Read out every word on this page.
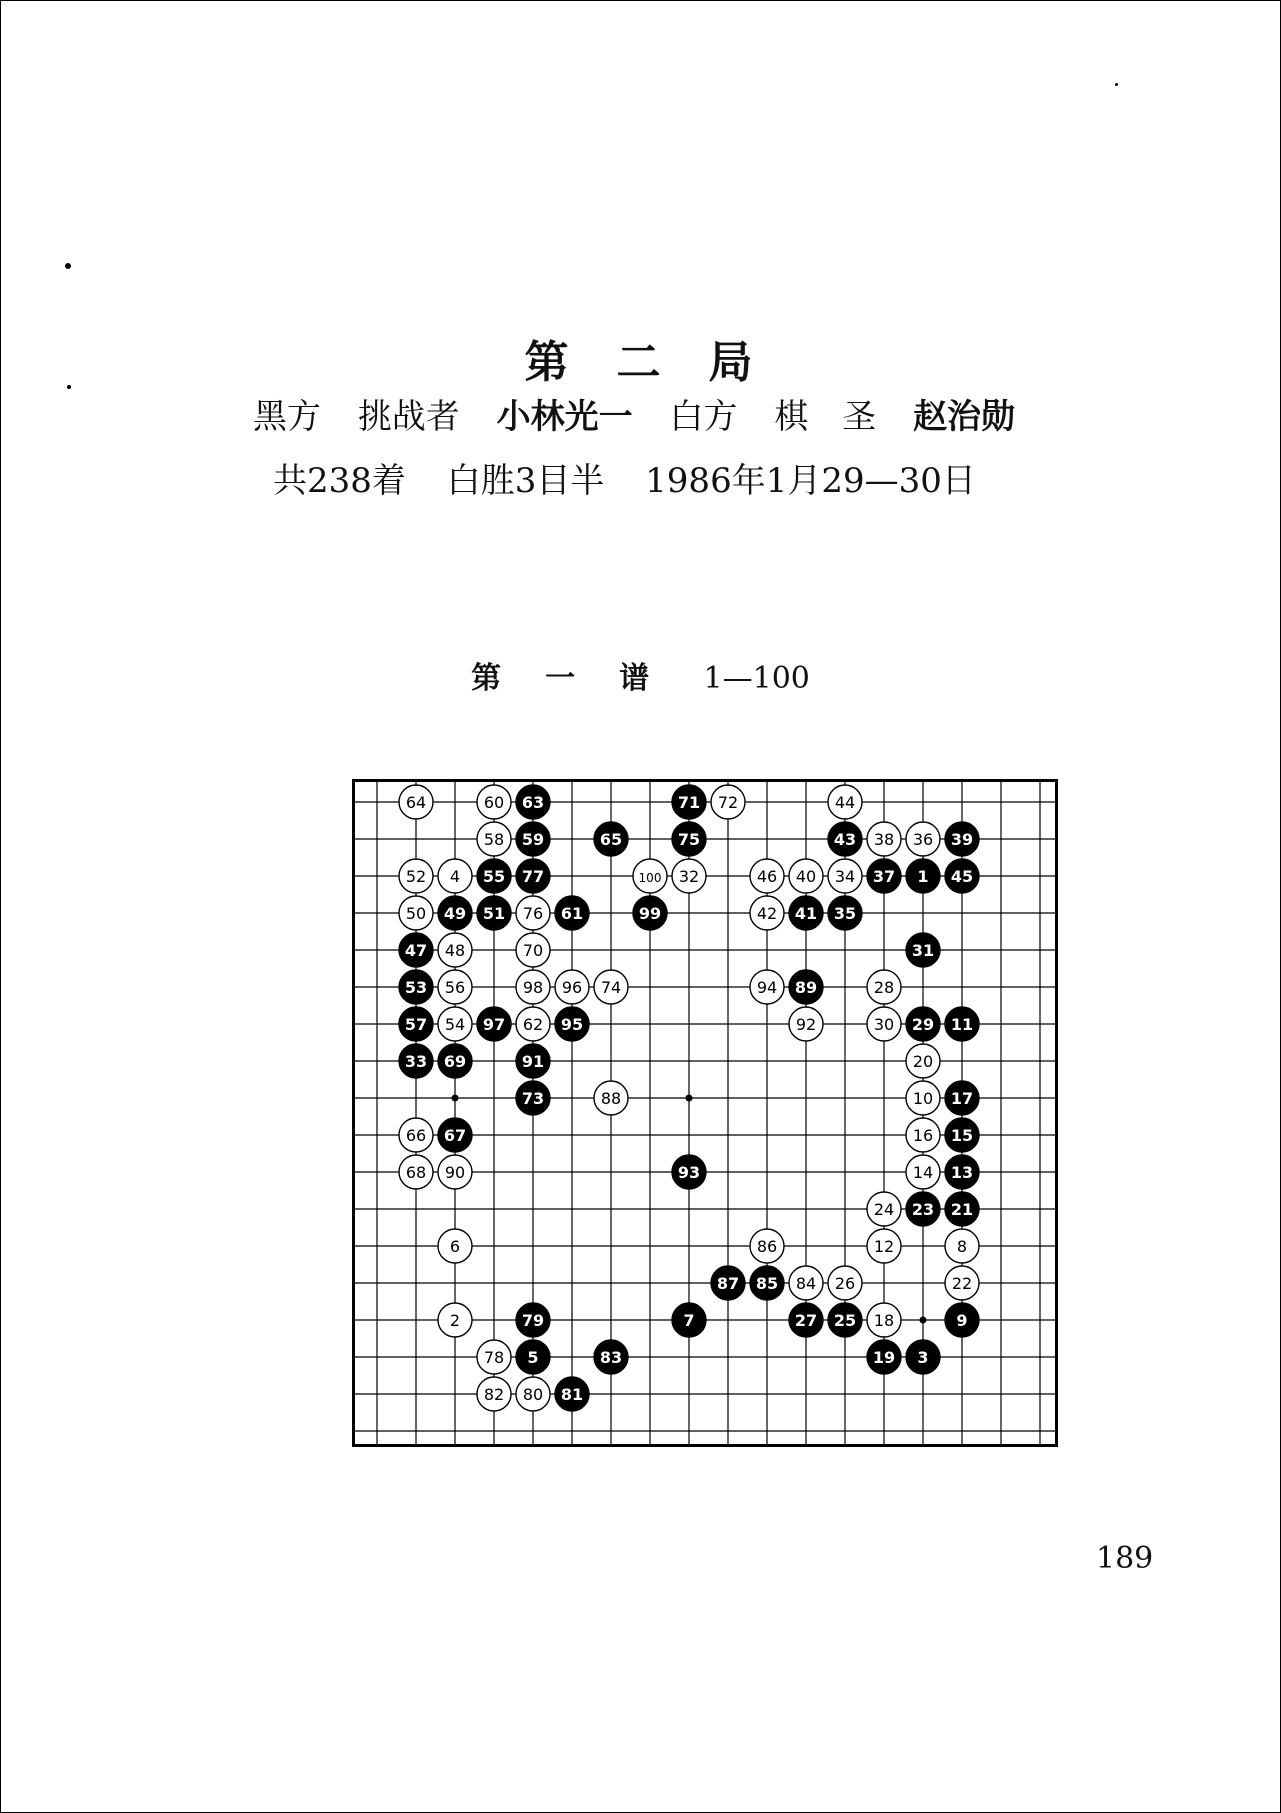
第 二 局
黑方 挑战者 小林光一 白方 棋　圣 赵治勋
共238着 白胜3目半 1986年1月29—30日
第 一 谱 1—100
64	60 63	71 72	44
58 59	65	75	43 38 36 39
52 4 55 77	100 32	46 40 34 37 1 45
50 49 51 76 61	99	42 41 35
47 48	70	31
53 56	98 96 74	94 89	28
57 54 97 62 95	92	30 29 11
33 69	91	20
73	88	10 17
66 67	16 15
68 90	93	14 13
24 23 21
6	86	12	8
87 85 84 26	22
2	79	7	27 25 18	9
78 5	83	19 3
82 80 81
189
